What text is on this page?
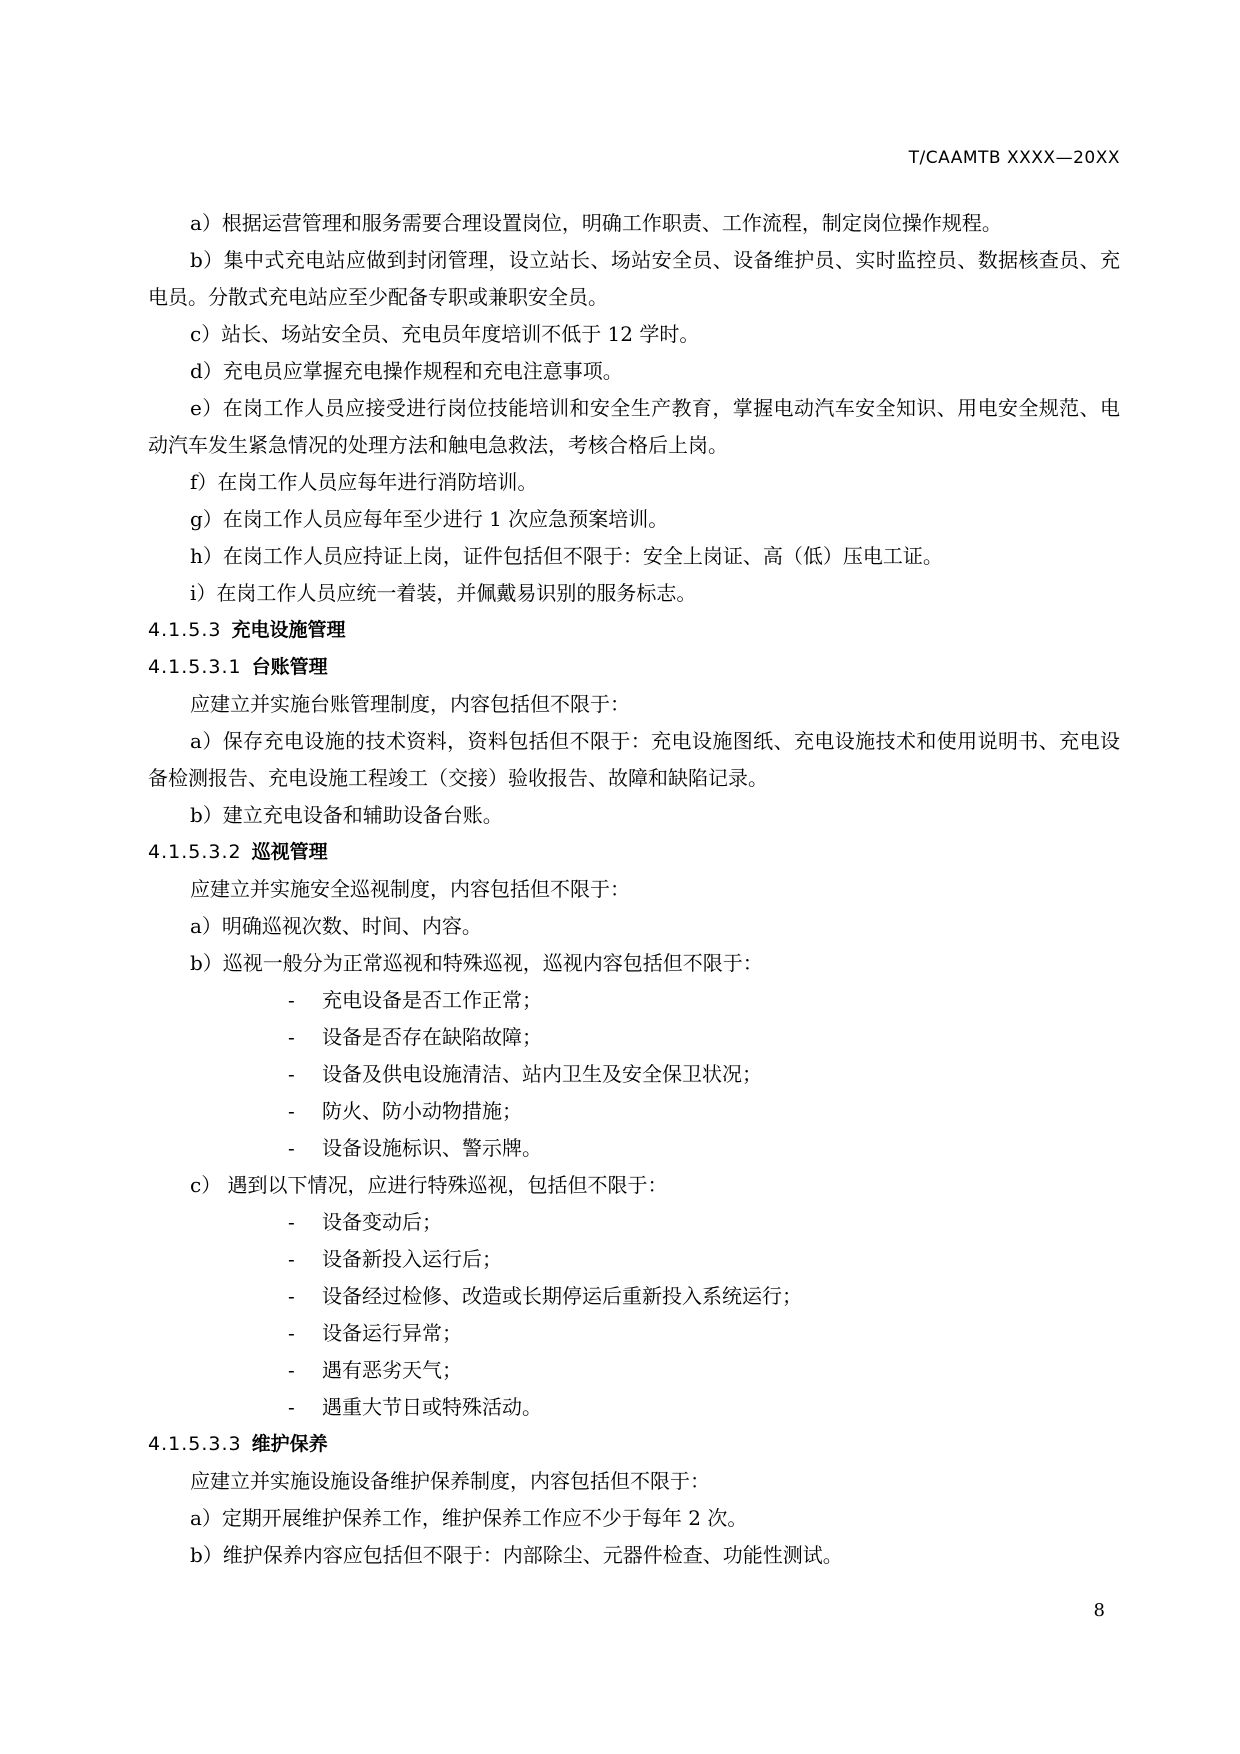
T/CAAMTB XXXX—20XX
a）根据运营管理和服务需要合理设置岗位，明确工作职责、工作流程，制定岗位操作规程。
b）集中式充电站应做到封闭管理，设立站长、场站安全员、设备维护员、实时监控员、数据核查员、充电员。分散式充电站应至少配备专职或兼职安全员。
c）站长、场站安全员、充电员年度培训不低于 12 学时。
d）充电员应掌握充电操作规程和充电注意事项。
e）在岗工作人员应接受进行岗位技能培训和安全生产教育，掌握电动汽车安全知识、用电安全规范、电动汽车发生紧急情况的处理方法和触电急救法，考核合格后上岗。
f）在岗工作人员应每年进行消防培训。
g）在岗工作人员应每年至少进行 1 次应急预案培训。
h）在岗工作人员应持证上岗，证件包括但不限于：安全上岗证、高（低）压电工证。
i）在岗工作人员应统一着装，并佩戴易识别的服务标志。
4.1.5.3 充电设施管理
4.1.5.3.1 台账管理
应建立并实施台账管理制度，内容包括但不限于：
a）保存充电设施的技术资料，资料包括但不限于：充电设施图纸、充电设施技术和使用说明书、充电设备检测报告、充电设施工程竣工（交接）验收报告、故障和缺陷记录。
b）建立充电设备和辅助设备台账。
4.1.5.3.2 巡视管理
应建立并实施安全巡视制度，内容包括但不限于：
a）明确巡视次数、时间、内容。
b）巡视一般分为正常巡视和特殊巡视，巡视内容包括但不限于：
- 充电设备是否工作正常；
- 设备是否存在缺陷故障；
- 设备及供电设施清洁、站内卫生及安全保卫状况；
- 防火、防小动物措施；
- 设备设施标识、警示牌。
c） 遇到以下情况，应进行特殊巡视，包括但不限于：
- 设备变动后；
- 设备新投入运行后；
- 设备经过检修、改造或长期停运后重新投入系统运行；
- 设备运行异常；
- 遇有恶劣天气；
- 遇重大节日或特殊活动。
4.1.5.3.3 维护保养
应建立并实施设施设备维护保养制度，内容包括但不限于：
a）定期开展维护保养工作，维护保养工作应不少于每年 2 次。
b）维护保养内容应包括但不限于：内部除尘、元器件检查、功能性测试。
8
